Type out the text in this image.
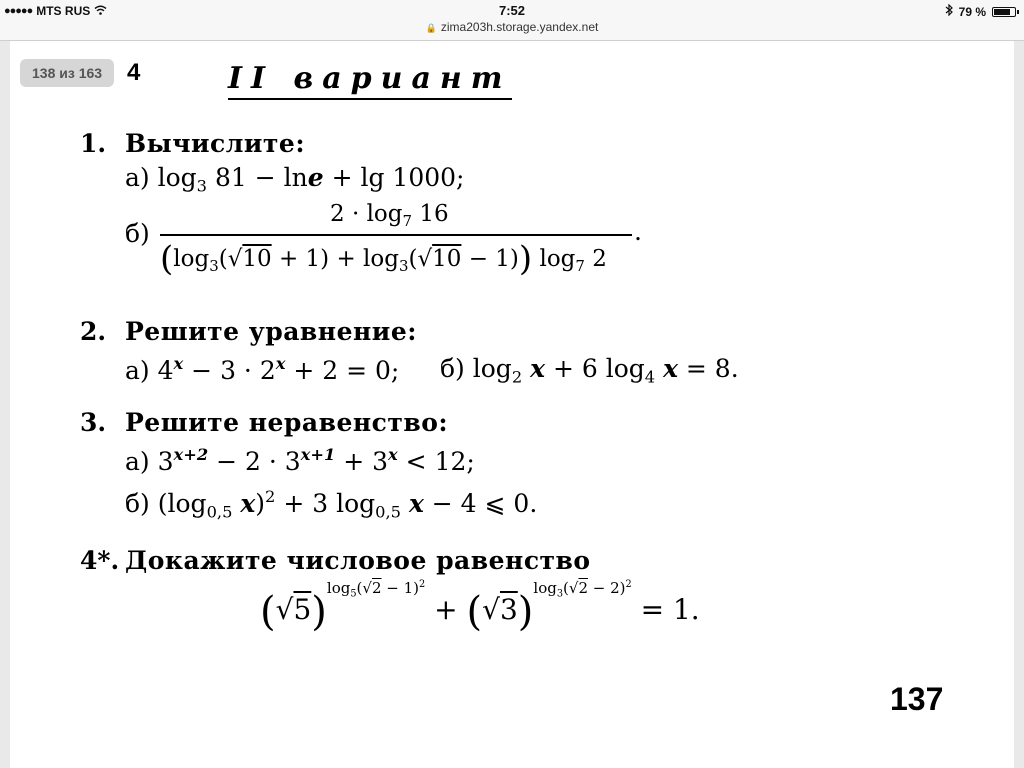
●●●●● MTS RUS	7:52
🔒 zima203h.storage.yandex.net
79 %
138 из 163	4	II вариант
1. Вычислите:
а) $\log_3 81 - \ln e + \lg 1000$;
б)
$2 \cdot \log_7 16$
.
$(\log_3(√10 + 1) + \log_3(√10 - 1))$ $\log_7 2$
2. Решите уравнение:
а) $4^x - 3 \cdot 2^x + 2 = 0$; б) $\log_2 x + 6$ $\log_4 x = 8$.
3. Решите неравенство:
а) $3^{x+2} - 2 \cdot 3^{x+1} + 3^x < 12$;
б) ($\log_{0,5}$ x)$^2$ + 3 $\log_{0,5} x - 4$ ⩽ 0.
4*. Докажите числовое равенство
$(√5)^{log_5(√2 - 1)^2} + (√3)^{log_3(√2 - 2)^2} = 1$.
137
